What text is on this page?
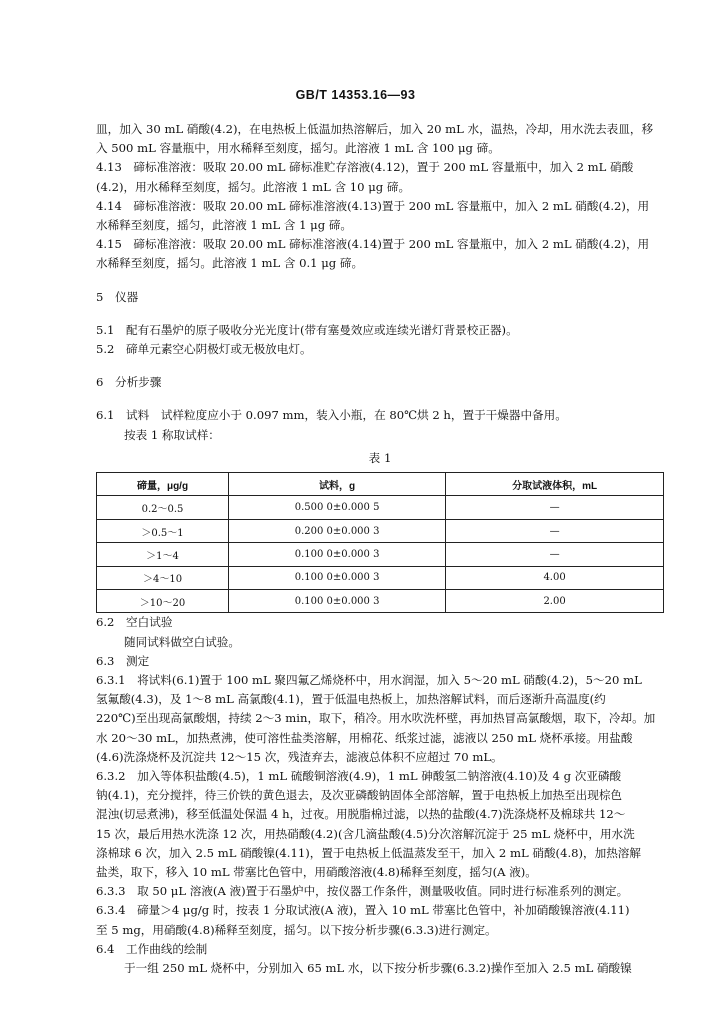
GB/T 14353.16—93

皿，加入 30 mL 硝酸(4.2)，在电热板上低温加热溶解后，加入 20 mL 水，温热，冷却，用水洗去表皿，移

入 500 mL 容量瓶中，用水稀释至刻度，摇匀。此溶液 1 mL 含 100 μg 碲。

4.13　碲标准溶液：吸取 20.00 mL 碲标准贮存溶液(4.12)，置于 200 mL 容量瓶中，加入 2 mL 硝酸

(4.2)，用水稀释至刻度，摇匀。此溶液 1 mL 含 10 μg 碲。

4.14　碲标准溶液：吸取 20.00 mL 碲标准溶液(4.13)置于 200 mL 容量瓶中，加入 2 mL 硝酸(4.2)，用

水稀释至刻度，摇匀，此溶液 1 mL 含 1 μg 碲。

4.15　碲标准溶液：吸取 20.00 mL 碲标准溶液(4.14)置于 200 mL 容量瓶中，加入 2 mL 硝酸(4.2)，用

水稀释至刻度，摇匀。此溶液 1 mL 含 0.1 μg 碲。

5　仪器

5.1　配有石墨炉的原子吸收分光光度计(带有塞曼效应或连续光谱灯背景校正器)。

5.2　碲单元素空心阴极灯或无极放电灯。

6　分析步骤

6.1　试料　试样粒度应小于 0.097 mm，装入小瓶，在 80℃烘 2 h，置于干燥器中备用。

按表 1 称取试样：

表 1

碲量，μg/g	试料，g	分取试液体积，mL
0.2～0.5	0.500 0±0.000 5	—
＞0.5～1	0.200 0±0.000 3	—
＞1～4	0.100 0±0.000 3	—
＞4～10	0.100 0±0.000 3	4.00
＞10～20	0.100 0±0.000 3	2.00

6.2　空白试验

随同试料做空白试验。

6.3　测定

6.3.1　将试料(6.1)置于 100 mL 聚四氟乙烯烧杯中，用水润湿，加入 5～20 mL 硝酸(4.2)，5～20 mL

氢氟酸(4.3)，及 1～8 mL 高氯酸(4.1)，置于低温电热板上，加热溶解试料，而后逐渐升高温度(约

220℃)至出现高氯酸烟，持续 2～3 min，取下，稍冷。用水吹洗杯壁，再加热冒高氯酸烟，取下，冷却。加

水 20～30 mL，加热煮沸，使可溶性盐类溶解，用棉花、纸浆过滤，滤液以 250 mL 烧杯承接。用盐酸

(4.6)洗涤烧杯及沉淀共 12～15 次，残渣弃去，滤液总体积不应超过 70 mL。

6.3.2　加入等体积盐酸(4.5)，1 mL 硫酸铜溶液(4.9)，1 mL 砷酸氢二钠溶液(4.10)及 4 g 次亚磷酸

钠(4.1)，充分搅拌，待三价铁的黄色退去，及次亚磷酸钠固体全部溶解，置于电热板上加热至出现棕色

混浊(切忌煮沸)，移至低温处保温 4 h，过夜。用脱脂棉过滤，以热的盐酸(4.7)洗涤烧杯及棉球共 12～

15 次，最后用热水洗涤 12 次，用热硝酸(4.2)(含几滴盐酸(4.5)分次溶解沉淀于 25 mL 烧杯中，用水洗

涤棉球 6 次，加入 2.5 mL 硝酸镍(4.11)，置于电热板上低温蒸发至干，加入 2 mL 硝酸(4.8)，加热溶解

盐类，取下，移入 10 mL 带塞比色管中，用硝酸溶液(4.8)稀释至刻度，摇匀(A 液)。

6.3.3　取 50 μL 溶液(A 液)置于石墨炉中，按仪器工作条件，测量吸收值。同时进行标准系列的测定。

6.3.4　碲量＞4 μg/g 时，按表 1 分取试液(A 液)，置入 10 mL 带塞比色管中，补加硝酸镍溶液(4.11)

至 5 mg，用硝酸(4.8)稀释至刻度，摇匀。以下按分析步骤(6.3.3)进行测定。

6.4　工作曲线的绘制

于一组 250 mL 烧杯中，分别加入 65 mL 水，以下按分析步骤(6.3.2)操作至加入 2.5 mL 硝酸镍
